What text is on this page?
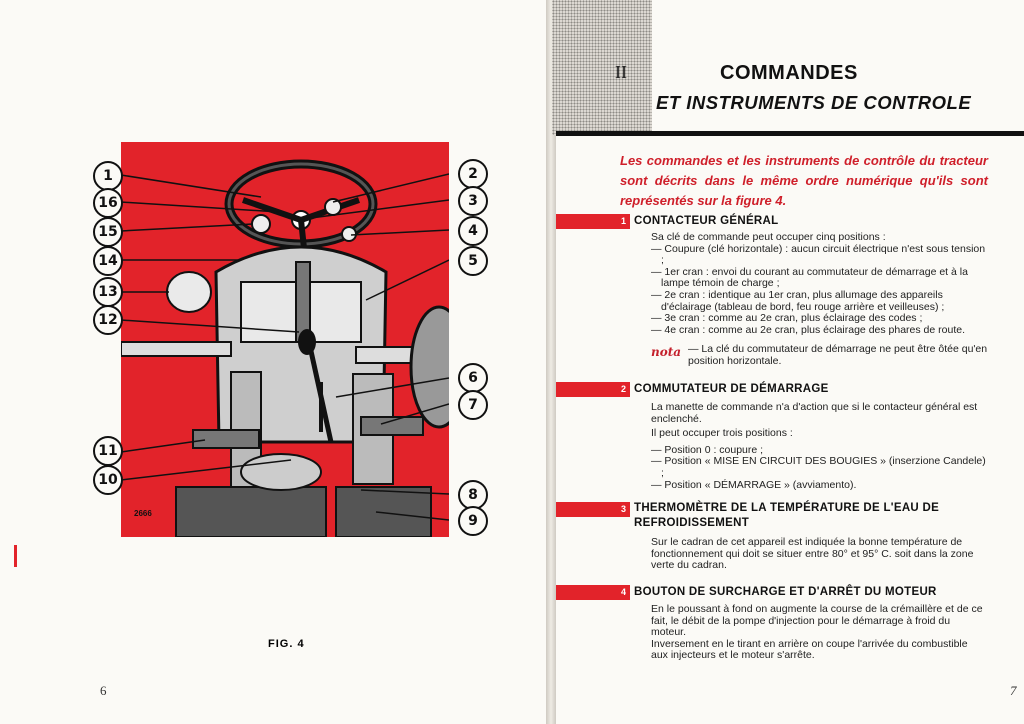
1
16
15
14
13
12
11
10
2
3
4
5
6
7
8
9
2666
FIG. 4
6
II	COMMANDES
ET INSTRUMENTS DE CONTROLE
Les commandes et les instruments de contrôle du tracteur sont décrits dans le même ordre numérique qu'ils sont représentés sur la figure 4.
1 CONTACTEUR GÉNÉRAL

Sa clé de commande peut occuper cinq positions :

— Coupure (clé horizontale) : aucun circuit électrique n'est sous tension ;

— 1er cran : envoi du courant au commutateur de démarrage et à la lampe témoin de charge ;

— 2e cran : identique au 1er cran, plus allumage des appareils d'éclairage (tableau de bord, feu rouge arrière et veilleuses) ;

— 3e cran : comme au 2e cran, plus éclairage des codes ;

— 4e cran : comme au 2e cran, plus éclairage des phares de route.

nota — La clé du commutateur de démarrage ne peut être ôtée qu'en position horizontale.
2 COMMUTATEUR DE DÉMARRAGE

La manette de commande n'a d'action que si le contacteur général est enclenché.

Il peut occuper trois positions :

— Position 0 : coupure ;

— Position « MISE EN CIRCUIT DES BOUGIES » (inserzione Candele) ;

— Position « DÉMARRAGE » (avviamento).

3 THERMOMÈTRE DE LA TEMPÉRATURE DE L'EAU DE
REFROIDISSEMENT
Sur le cadran de cet appareil est indiquée la bonne température de fonctionnement qui doit se situer entre 80° et 95° C. soit dans la zone verte du cadran.
4 BOUTON DE SURCHARGE ET D'ARRÊT DU MOTEUR

En le poussant à fond on augmente la course de la crémaillère et de ce fait, le débit de la pompe d'injection pour le démarrage à froid du moteur.

Inversement en le tirant en arrière on coupe l'arrivée du combustible aux injecteurs et le moteur s'arrête.

7
